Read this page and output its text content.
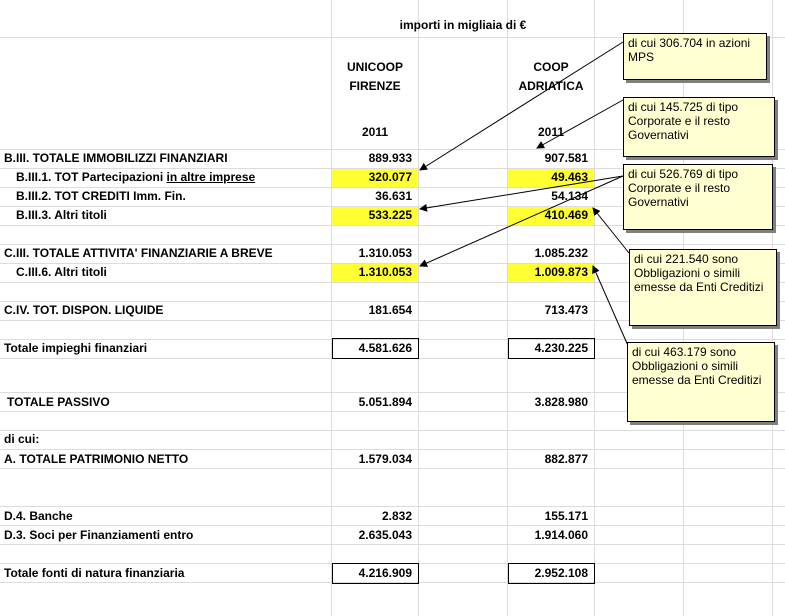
importi in migliaia di €
UNICOOP
FIRENZE
COOP
ADRIATICA
2011	2011
B.III. TOTALE IMMOBILIZZI FINANZIARI	889.933	907.581
B.III.1. TOT Partecipazioni in altre imprese	320.077	49.463
B.III.2. TOT CREDITI Imm. Fin.	36.631	54.134
B.III.3. Altri titoli	533.225	410.469
C.III. TOTALE ATTIVITA' FINANZIARIE A BREVE	1.310.053	1.085.232
C.III.6. Altri titoli	1.310.053	1.009.873
C.IV. TOT. DISPON. LIQUIDE	181.654	713.473
Totale impieghi finanziari	4.581.626	4.230.225
TOTALE PASSIVO	5.051.894	3.828.980
di cui:
A. TOTALE PATRIMONIO NETTO	1.579.034	882.877
D.4. Banche	2.832	155.171
D.3. Soci per Finanziamenti entro	2.635.043	1.914.060
Totale fonti di natura finanziaria	4.216.909	2.952.108
di cui 306.704 in azioni MPS
di cui 145.725 di tipo Corporate e il resto Governativi
di cui 526.769 di tipo Corporate e il resto Governativi
di cui 221.540 sono Obbligazioni o simili emesse da Enti Creditizi
di cui 463.179 sono Obbligazioni o simili emesse da Enti Creditizi
